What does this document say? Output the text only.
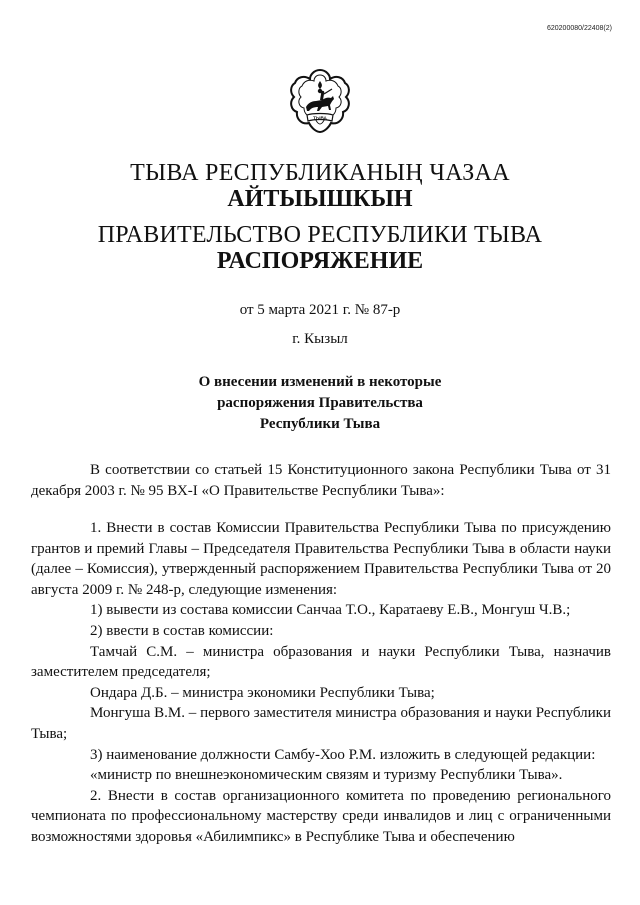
620200080/22408(2)
ТЫВА
ТЫВА РЕСПУБЛИКАНЫҢ ЧАЗАА
АЙТЫЫШКЫН
ПРАВИТЕЛЬСТВО РЕСПУБЛИКИ ТЫВА
РАСПОРЯЖЕНИЕ
от 5 марта 2021 г. № 87-р
г. Кызыл
О внесении изменений в некоторые
распоряжения Правительства
Республики Тыва

В соответствии со статьей 15 Конституционного закона Республики Тыва от 31 декабря 2003 г. № 95 ВХ-I «О Правительстве Республики Тыва»:

1. Внести в состав Комиссии Правительства Республики Тыва по присуждению грантов и премий Главы – Председателя Правительства Республики Тыва в области науки (далее – Комиссия), утвержденный распоряжением Правительства Республики Тыва от 20 августа 2009 г. № 248-р, следующие изменения:

1) вывести из состава комиссии Санчаа Т.О., Каратаеву Е.В., Монгуш Ч.В.;

2) ввести в состав комиссии:

Тамчай С.М. – министра образования и науки Республики Тыва, назначив заместителем председателя;

Ондара Д.Б. – министра экономики Республики Тыва;

Монгуша В.М. – первого заместителя министра образования и науки Республики Тыва;

3) наименование должности Самбу-Хоо Р.М. изложить в следующей редакции:

«министр по внешнеэкономическим связям и туризму Республики Тыва».

2. Внести в состав организационного комитета по проведению регионального чемпионата по профессиональному мастерству среди инвалидов и лиц с ограниченными возможностями здоровья «Абилимпикс» в Республике Тыва и обеспечению
